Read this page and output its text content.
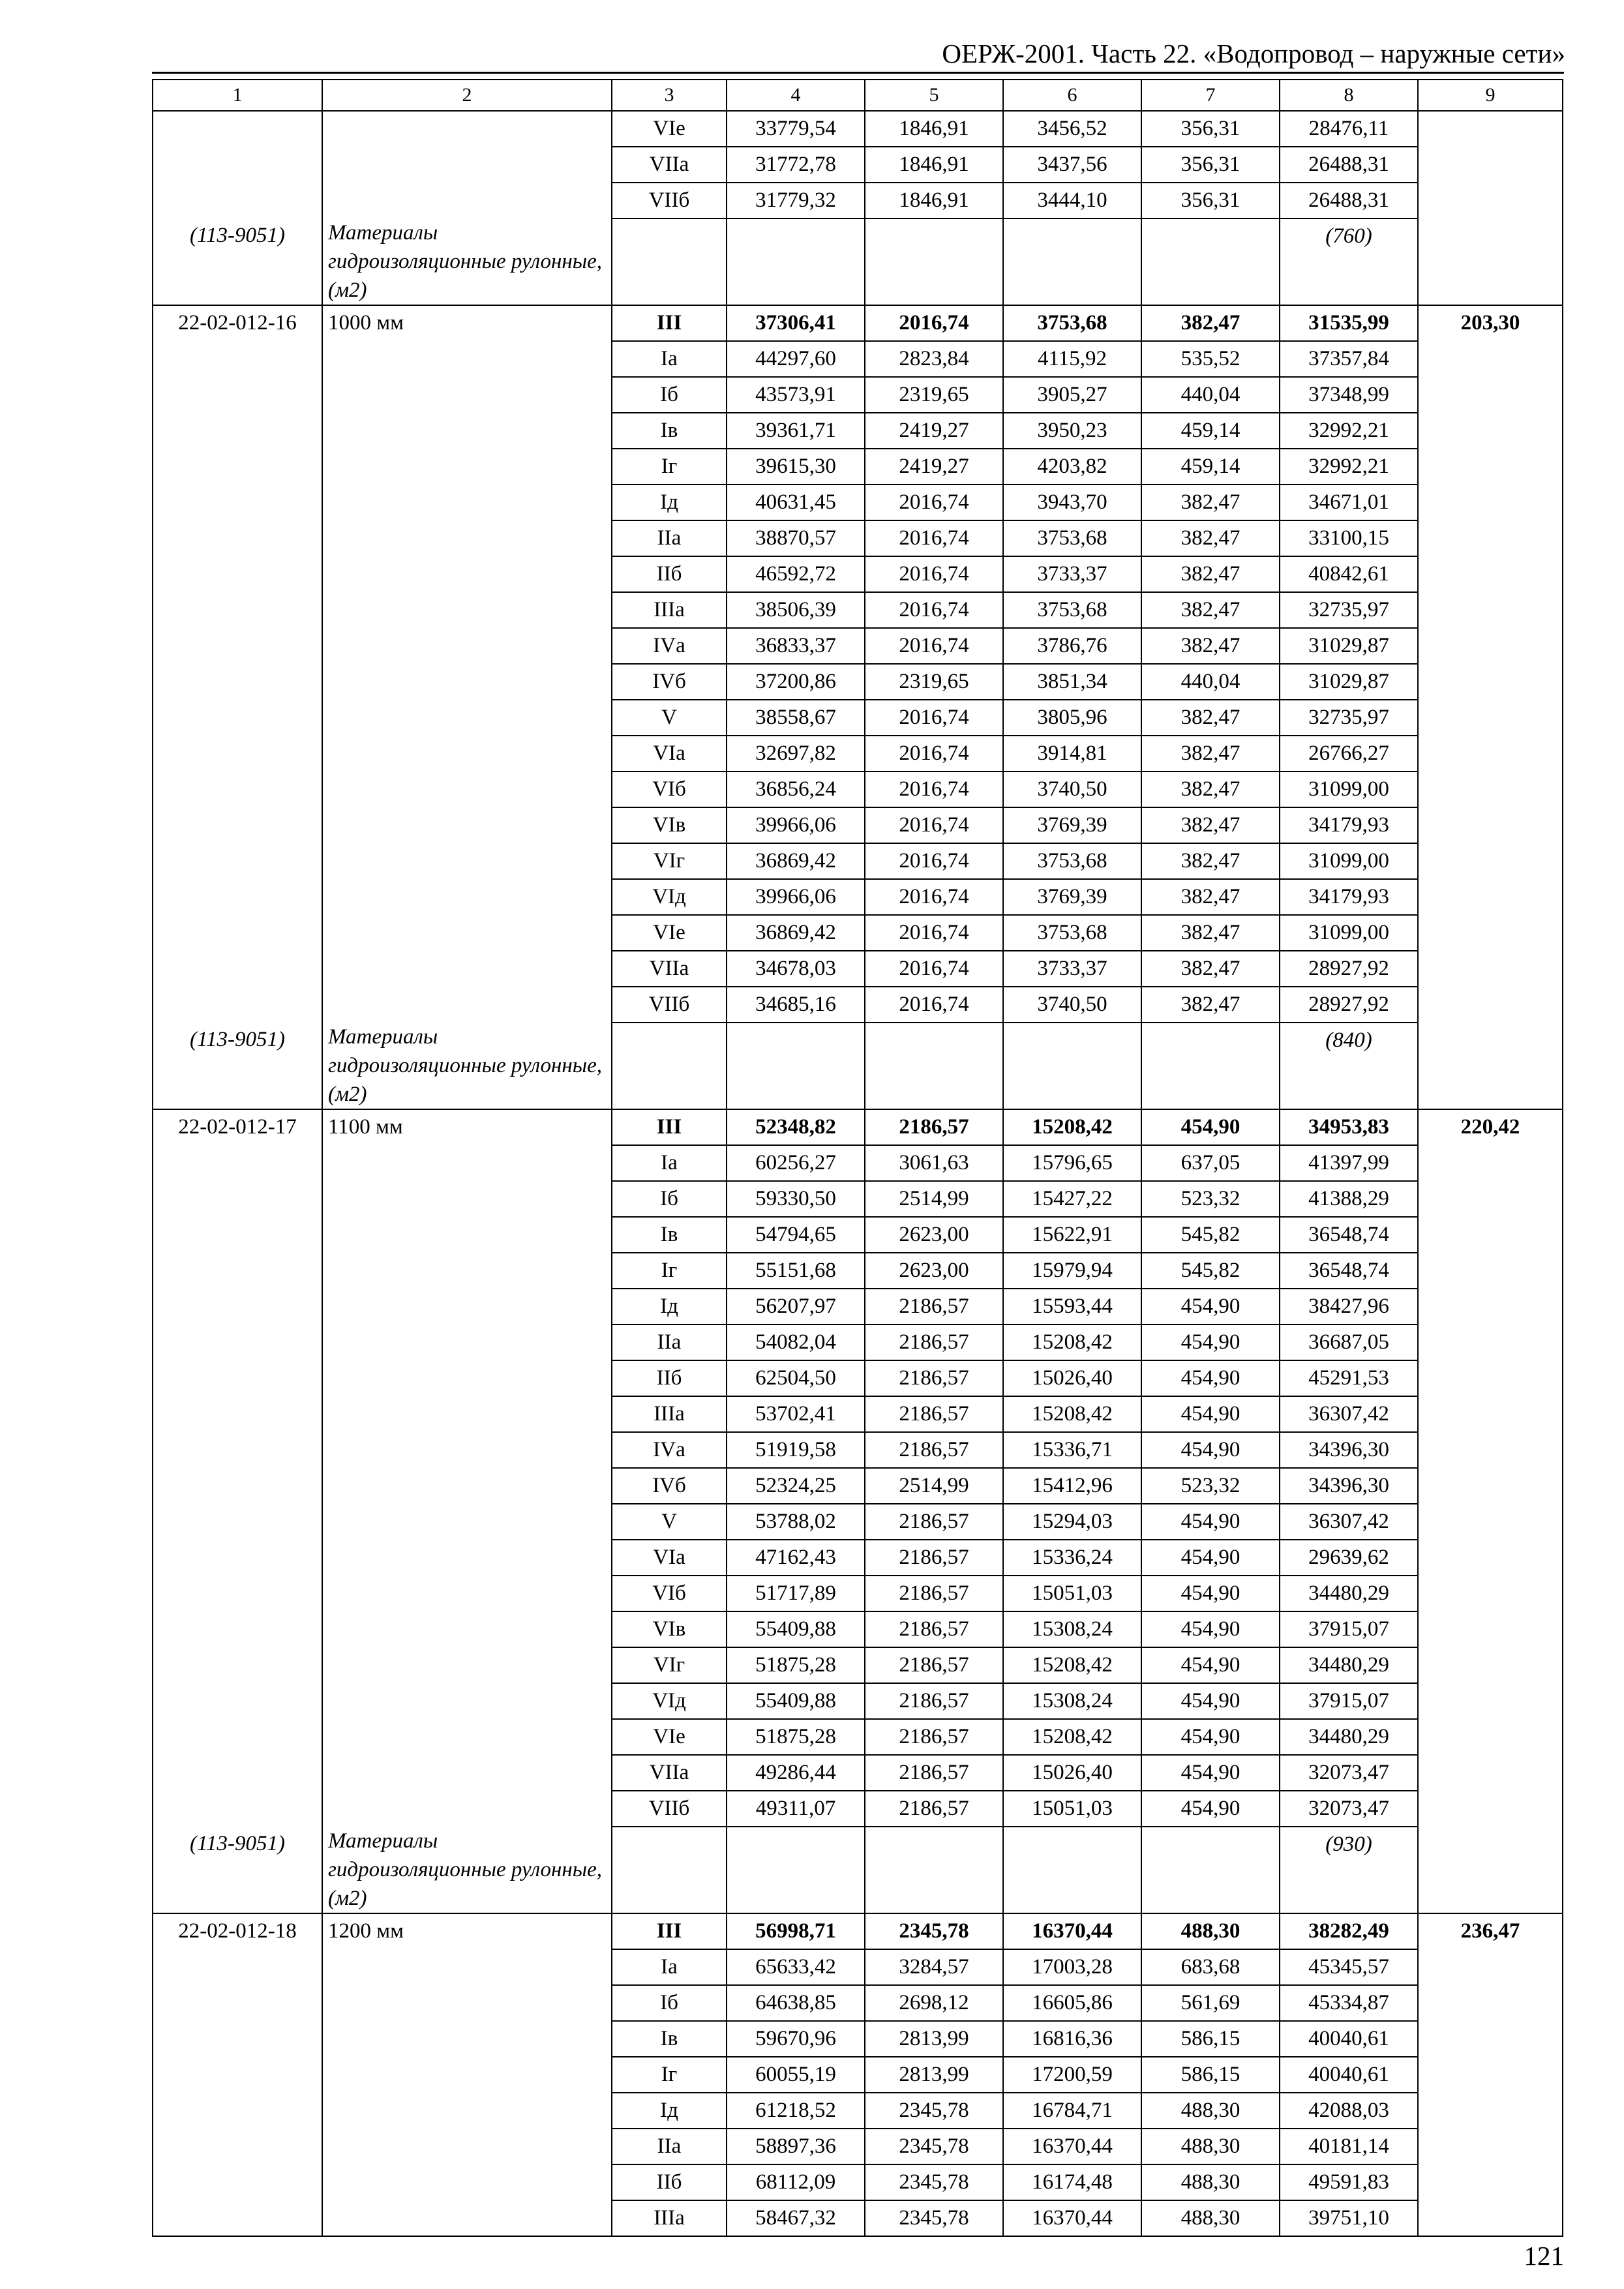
ОЕРЖ-2001. Часть 22. «Водопровод – наружные сети»
1	2	3	4	5	6	7	8	9
		VIе	33779,54	1846,91	3456,52	356,31	28476,11	
		VIIа	31772,78	1846,91	3437,56	356,31	26488,31	
		VIIб	31779,32	1846,91	3444,10	356,31	26488,31	
(113-9051)	Материалы гидроизоляционные рулонные, (м2)						(760)	
22-02-012-16	1000 мм	III	37306,41	2016,74	3753,68	382,47	31535,99	203,30
		Iа	44297,60	2823,84	4115,92	535,52	37357,84	
		Iб	43573,91	2319,65	3905,27	440,04	37348,99	
		Iв	39361,71	2419,27	3950,23	459,14	32992,21	
		Iг	39615,30	2419,27	4203,82	459,14	32992,21	
		Iд	40631,45	2016,74	3943,70	382,47	34671,01	
		IIа	38870,57	2016,74	3753,68	382,47	33100,15	
		IIб	46592,72	2016,74	3733,37	382,47	40842,61	
		IIIа	38506,39	2016,74	3753,68	382,47	32735,97	
		IVа	36833,37	2016,74	3786,76	382,47	31029,87	
		IVб	37200,86	2319,65	3851,34	440,04	31029,87	
		V	38558,67	2016,74	3805,96	382,47	32735,97	
		VIа	32697,82	2016,74	3914,81	382,47	26766,27	
		VIб	36856,24	2016,74	3740,50	382,47	31099,00	
		VIв	39966,06	2016,74	3769,39	382,47	34179,93	
		VIг	36869,42	2016,74	3753,68	382,47	31099,00	
		VIд	39966,06	2016,74	3769,39	382,47	34179,93	
		VIе	36869,42	2016,74	3753,68	382,47	31099,00	
		VIIа	34678,03	2016,74	3733,37	382,47	28927,92	
		VIIб	34685,16	2016,74	3740,50	382,47	28927,92	
(113-9051)	Материалы гидроизоляционные рулонные, (м2)						(840)	
22-02-012-17	1100 мм	III	52348,82	2186,57	15208,42	454,90	34953,83	220,42
		Iа	60256,27	3061,63	15796,65	637,05	41397,99	
		Iб	59330,50	2514,99	15427,22	523,32	41388,29	
		Iв	54794,65	2623,00	15622,91	545,82	36548,74	
		Iг	55151,68	2623,00	15979,94	545,82	36548,74	
		Iд	56207,97	2186,57	15593,44	454,90	38427,96	
		IIа	54082,04	2186,57	15208,42	454,90	36687,05	
		IIб	62504,50	2186,57	15026,40	454,90	45291,53	
		IIIа	53702,41	2186,57	15208,42	454,90	36307,42	
		IVа	51919,58	2186,57	15336,71	454,90	34396,30	
		IVб	52324,25	2514,99	15412,96	523,32	34396,30	
		V	53788,02	2186,57	15294,03	454,90	36307,42	
		VIа	47162,43	2186,57	15336,24	454,90	29639,62	
		VIб	51717,89	2186,57	15051,03	454,90	34480,29	
		VIв	55409,88	2186,57	15308,24	454,90	37915,07	
		VIг	51875,28	2186,57	15208,42	454,90	34480,29	
		VIд	55409,88	2186,57	15308,24	454,90	37915,07	
		VIе	51875,28	2186,57	15208,42	454,90	34480,29	
		VIIа	49286,44	2186,57	15026,40	454,90	32073,47	
		VIIб	49311,07	2186,57	15051,03	454,90	32073,47	
(113-9051)	Материалы гидроизоляционные рулонные, (м2)						(930)	
22-02-012-18	1200 мм	III	56998,71	2345,78	16370,44	488,30	38282,49	236,47
		Iа	65633,42	3284,57	17003,28	683,68	45345,57	
		Iб	64638,85	2698,12	16605,86	561,69	45334,87	
		Iв	59670,96	2813,99	16816,36	586,15	40040,61	
		Iг	60055,19	2813,99	17200,59	586,15	40040,61	
		Iд	61218,52	2345,78	16784,71	488,30	42088,03	
		IIа	58897,36	2345,78	16370,44	488,30	40181,14	
		IIб	68112,09	2345,78	16174,48	488,30	49591,83	
		IIIа	58467,32	2345,78	16370,44	488,30	39751,10	
121
